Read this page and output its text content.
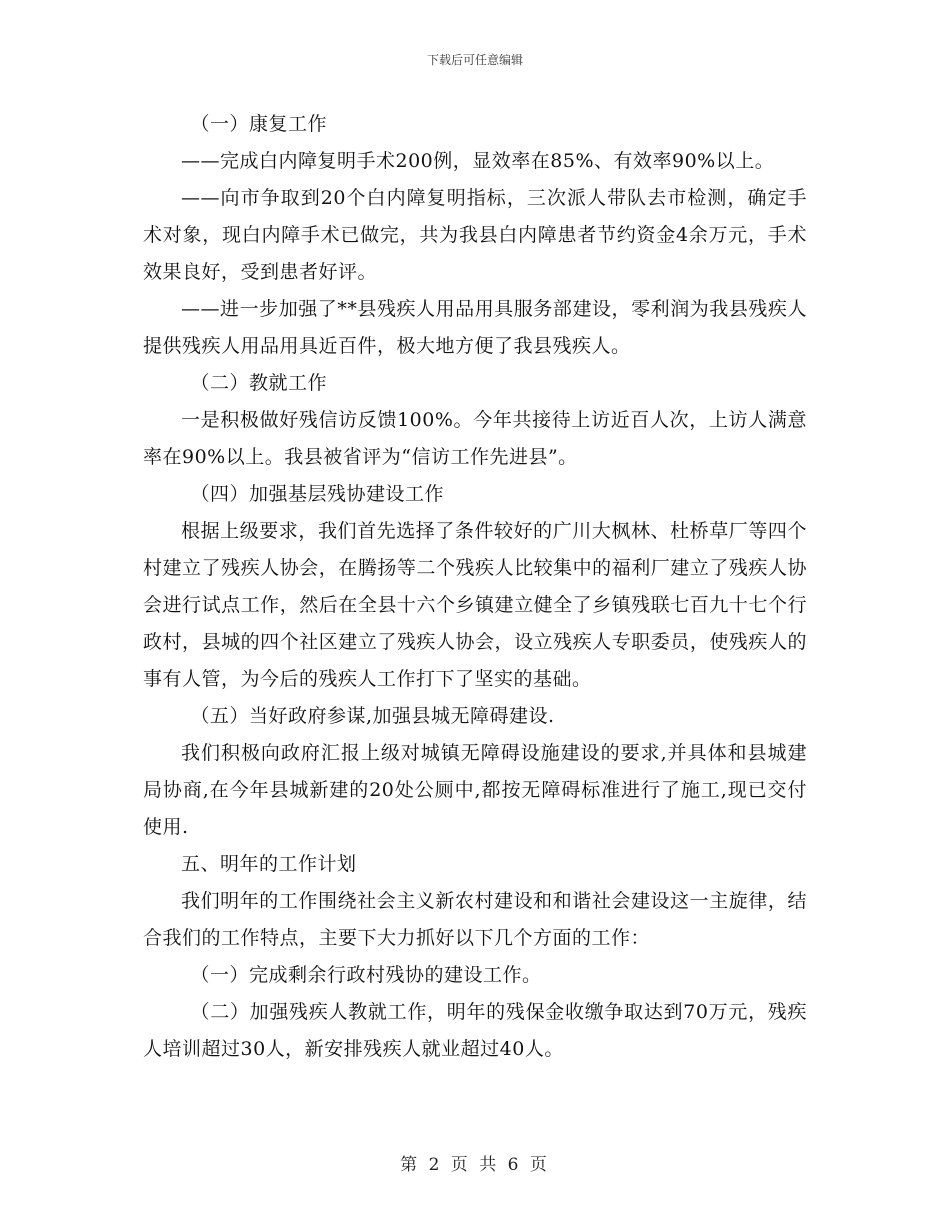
下载后可任意编辑

（一）康复工作

——完成白内障复明手术200例，显效率在85%、有效率90%以上。

——向市争取到20个白内障复明指标，三次派人带队去市检测，确定手术对象，现白内障手术已做完，共为我县白内障患者节约资金4余万元，手术效果良好，受到患者好评。

——进一步加强了**县残疾人用品用具服务部建设，零利润为我县残疾人提供残疾人用品用具近百件，极大地方便了我县残疾人。

（二）教就工作

一是积极做好残信访反馈100%。今年共接待上访近百人次，上访人满意率在90%以上。我县被省评为“信访工作先进县”。

（四）加强基层残协建设工作

根据上级要求，我们首先选择了条件较好的广川大枫林、杜桥草厂等四个村建立了残疾人协会，在腾扬等二个残疾人比较集中的福利厂建立了残疾人协会进行试点工作，然后在全县十六个乡镇建立健全了乡镇残联七百九十七个行政村，县城的四个社区建立了残疾人协会，设立残疾人专职委员，使残疾人的事有人管，为今后的残疾人工作打下了坚实的基础。

（五）当好政府参谋,加强县城无障碍建设.

我们积极向政府汇报上级对城镇无障碍设施建设的要求,并具体和县城建局协商,在今年县城新建的20处公厕中,都按无障碍标准进行了施工,现已交付使用.

五、明年的工作计划

我们明年的工作围绕社会主义新农村建设和和谐社会建设这一主旋律，结合我们的工作特点，主要下大力抓好以下几个方面的工作：

（一）完成剩余行政村残协的建设工作。

（二）加强残疾人教就工作，明年的残保金收缴争取达到70万元，残疾人培训超过30人，新安排残疾人就业超过40人。

第 2 页 共 6 页
